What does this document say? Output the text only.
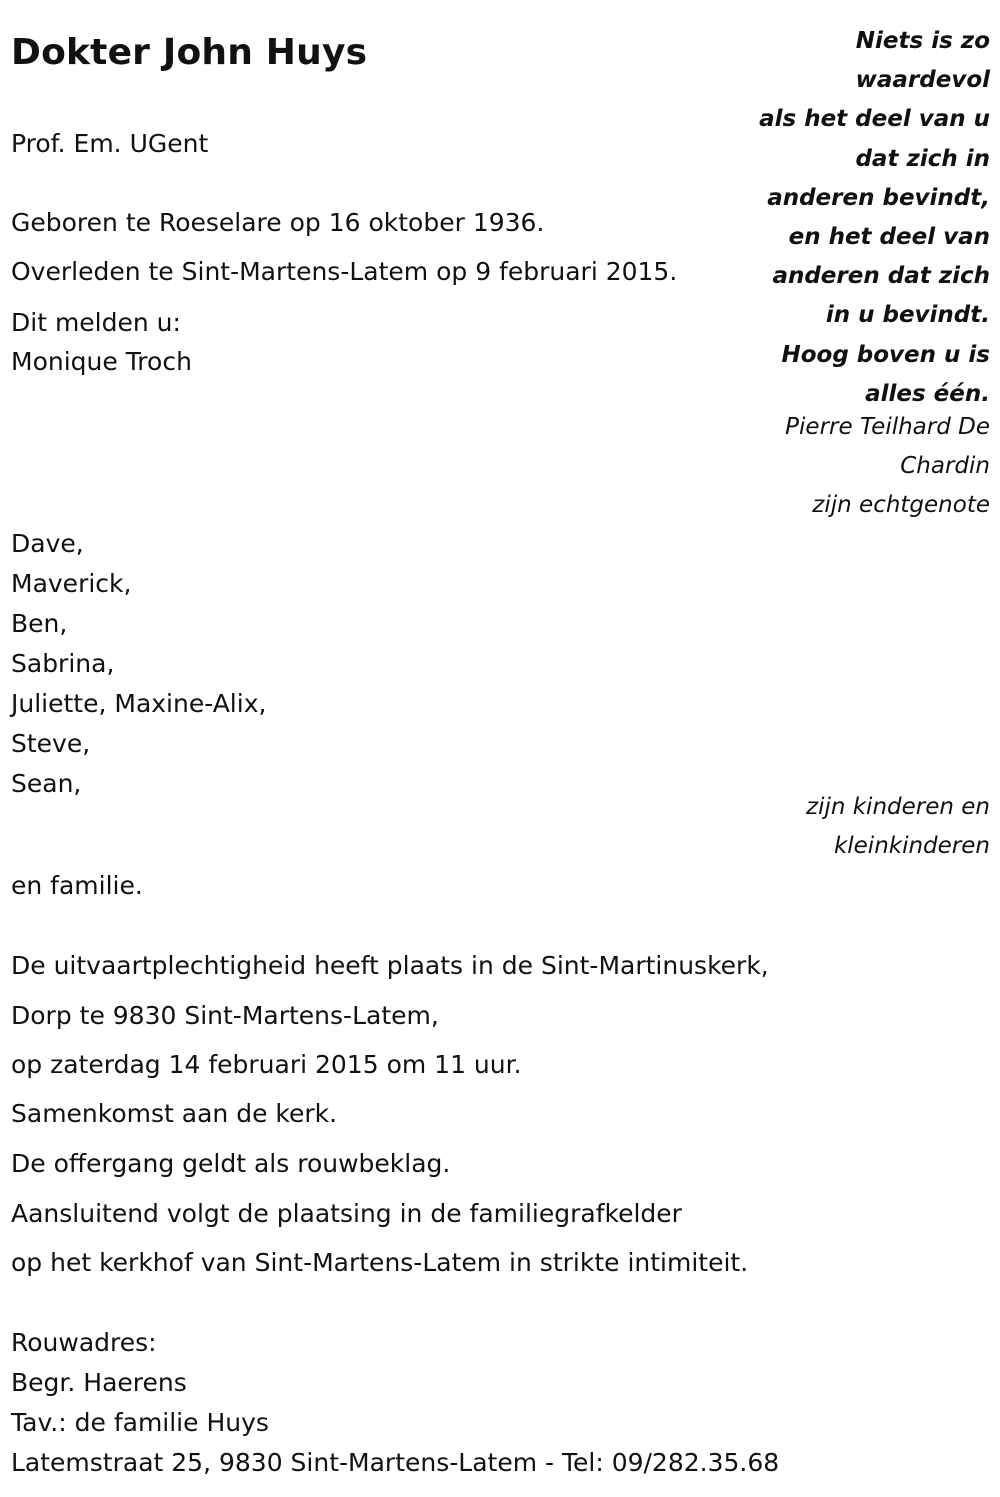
Dokter John Huys
Prof. Em. UGent
Niets is zo
waardevol
als het deel van u
dat zich in
anderen bevindt,
en het deel van
anderen dat zich
in u bevindt.
Hoog boven u is
alles één.
Pierre Teilhard De
Chardin
Geboren te Roeselare op 16 oktober 1936.
Overleden te Sint-Martens-Latem op 9 februari 2015.
Dit melden u:
Monique Troch
zijn echtgenote
Dave,
Maverick,
Ben,
Sabrina,
Juliette, Maxine-Alix,
Steve,
Sean,
zijn kinderen en
kleinkinderen
en familie.
De uitvaartplechtigheid heeft plaats in de Sint-Martinuskerk,
Dorp te 9830 Sint-Martens-Latem,
op zaterdag 14 februari 2015 om 11 uur.
Samenkomst aan de kerk.
De offergang geldt als rouwbeklag.
Aansluitend volgt de plaatsing in de familiegrafkelder
op het kerkhof van Sint-Martens-Latem in strikte intimiteit.
Rouwadres:
Begr. Haerens
Tav.: de familie Huys
Latemstraat 25, 9830 Sint-Martens-Latem - Tel: 09/282.35.68
